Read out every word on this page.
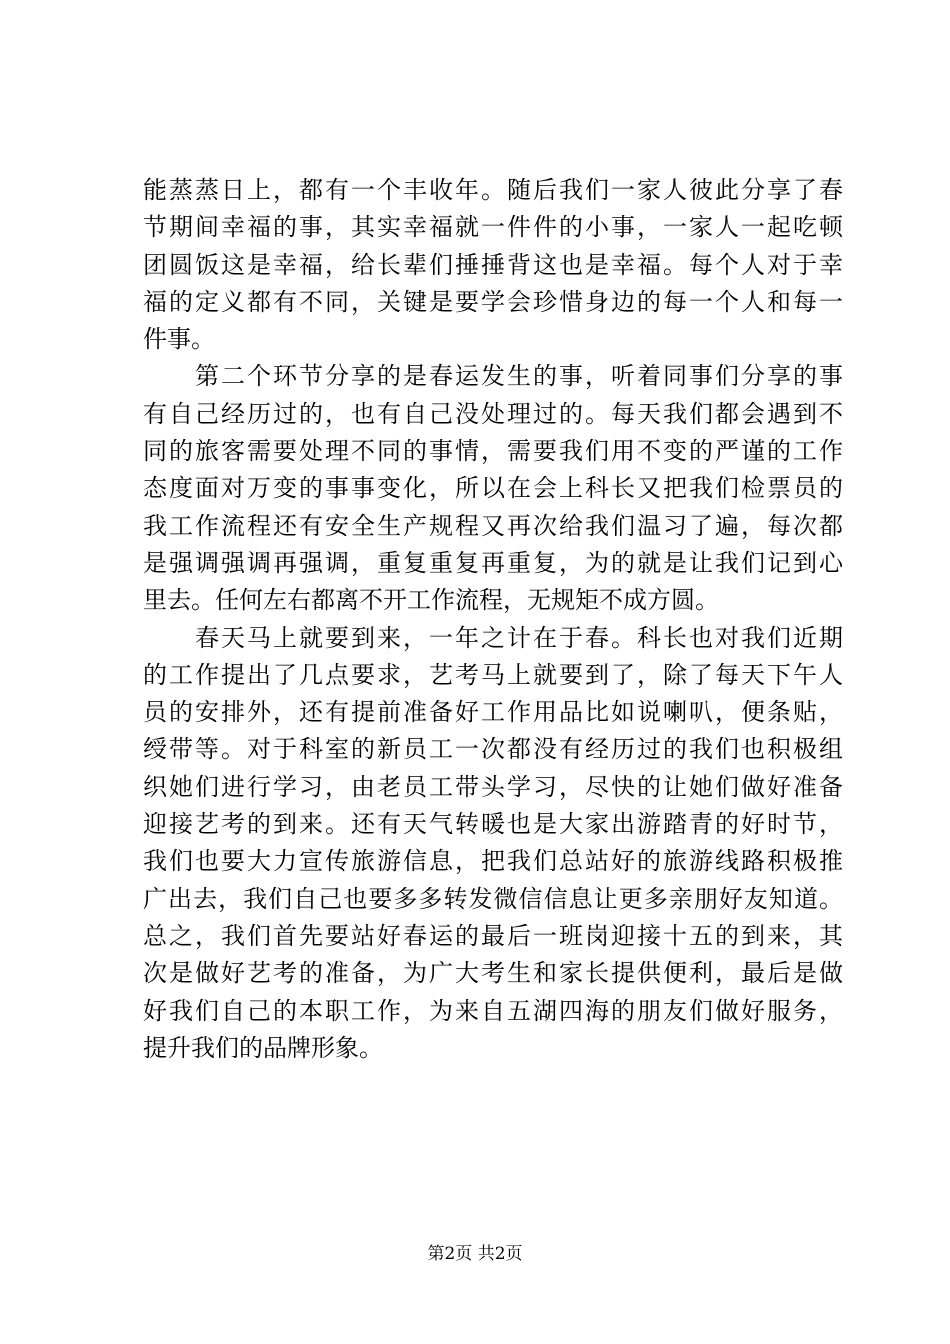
能蒸蒸日上，都有一个丰收年。随后我们一家人彼此分享了春
节期间幸福的事，其实幸福就一件件的小事，一家人一起吃顿
团圆饭这是幸福，给长辈们捶捶背这也是幸福。每个人对于幸
福的定义都有不同，关键是要学会珍惜身边的每一个人和每一
件事。
　　第二个环节分享的是春运发生的事，听着同事们分享的事
有自己经历过的，也有自己没处理过的。每天我们都会遇到不
同的旅客需要处理不同的事情，需要我们用不变的严谨的工作
态度面对万变的事事变化，所以在会上科长又把我们检票员的
我工作流程还有安全生产规程又再次给我们温习了遍，每次都
是强调强调再强调，重复重复再重复，为的就是让我们记到心
里去。任何左右都离不开工作流程，无规矩不成方圆。
　　春天马上就要到来，一年之计在于春。科长也对我们近期
的工作提出了几点要求，艺考马上就要到了，除了每天下午人
员的安排外，还有提前准备好工作用品比如说喇叭，便条贴，
绶带等。对于科室的新员工一次都没有经历过的我们也积极组
织她们进行学习，由老员工带头学习，尽快的让她们做好准备
迎接艺考的到来。还有天气转暖也是大家出游踏青的好时节，
我们也要大力宣传旅游信息，把我们总站好的旅游线路积极推
广出去，我们自己也要多多转发微信信息让更多亲朋好友知道。
总之，我们首先要站好春运的最后一班岗迎接十五的到来，其
次是做好艺考的准备，为广大考生和家长提供便利，最后是做
好我们自己的本职工作，为来自五湖四海的朋友们做好服务，
提升我们的品牌形象。
第2页 共2页
